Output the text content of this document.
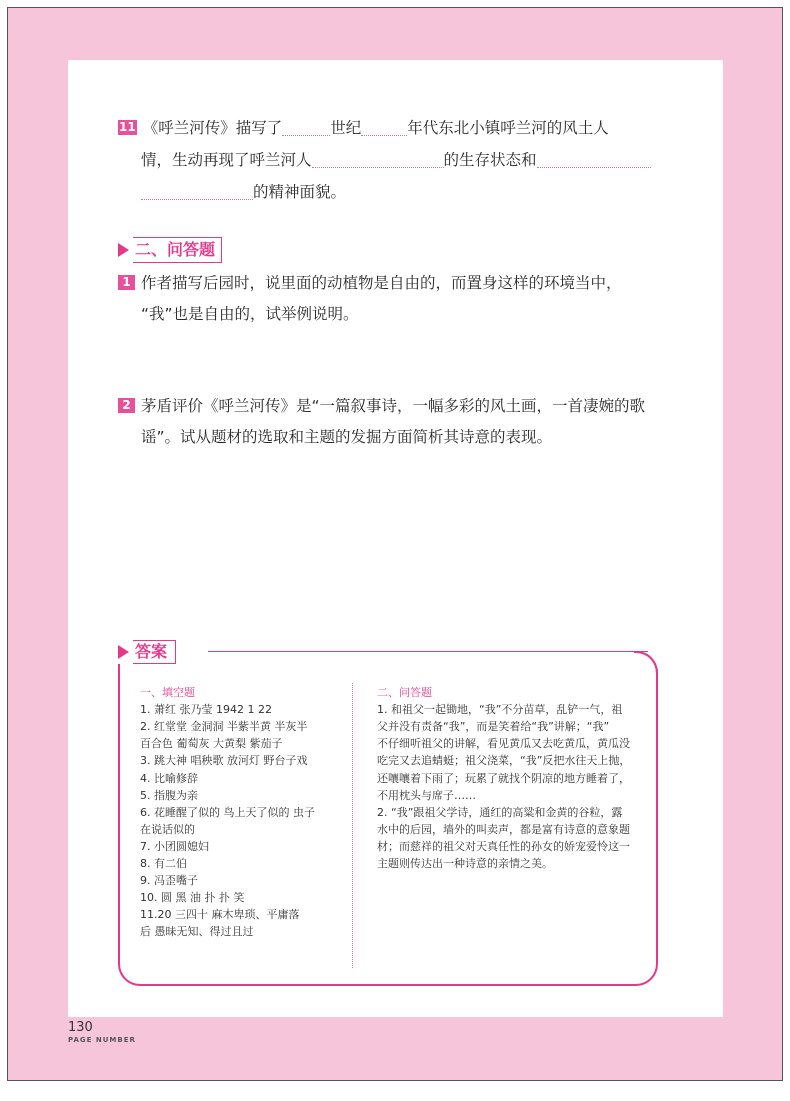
11 《呼兰河传》描写了	世纪	年代东北小镇呼兰河的风土人
情，生动再现了呼兰河人	的生存状态和
的精神面貌。
二、问答题
1 作者描写后园时，说里面的动植物是自由的，而置身这样的环境当中，
“我”也是自由的，试举例说明。
2 茅盾评价《呼兰河传》是“一篇叙事诗，一幅多彩的风土画，一首凄婉的歌
谣”。试从题材的选取和主题的发掘方面简析其诗意的表现。
答案
一、填空题
1. 萧红 张乃莹 1942 1 22
2. 红堂堂 金洞洞 半紫半黄 半灰半
百合色 葡萄灰 大黄梨 紫茄子
3. 跳大神 唱秧歌 放河灯 野台子戏
4. 比喻修辞
5. 指腹为亲
6. 花睡醒了似的 鸟上天了似的 虫子
在说话似的
7. 小团圆媳妇
8. 有二伯
9. 冯歪嘴子
10. 圆 黑 油 扑 扑 笑
11.20 三四十 麻木卑琐、平庸落
后 愚昧无知、得过且过
二、问答题
1. 和祖父一起锄地，“我”不分苗草，乱铲一气，祖
父并没有责备“我”，而是笑着给“我”讲解；“我”
不仔细听祖父的讲解，看见黄瓜又去吃黄瓜，黄瓜没
吃完又去追蜻蜓；祖父浇菜，“我”反把水往天上抛，
还嚷嚷着下雨了；玩累了就找个阴凉的地方睡着了，
不用枕头与席子……
2. “我”跟祖父学诗，通红的高粱和金黄的谷粒，露
水中的后园，墙外的叫卖声，都是富有诗意的意象题
材；而慈祥的祖父对天真任性的孙女的娇宠爱怜这一
主题则传达出一种诗意的亲情之美。
130
PAGE NUMBER
